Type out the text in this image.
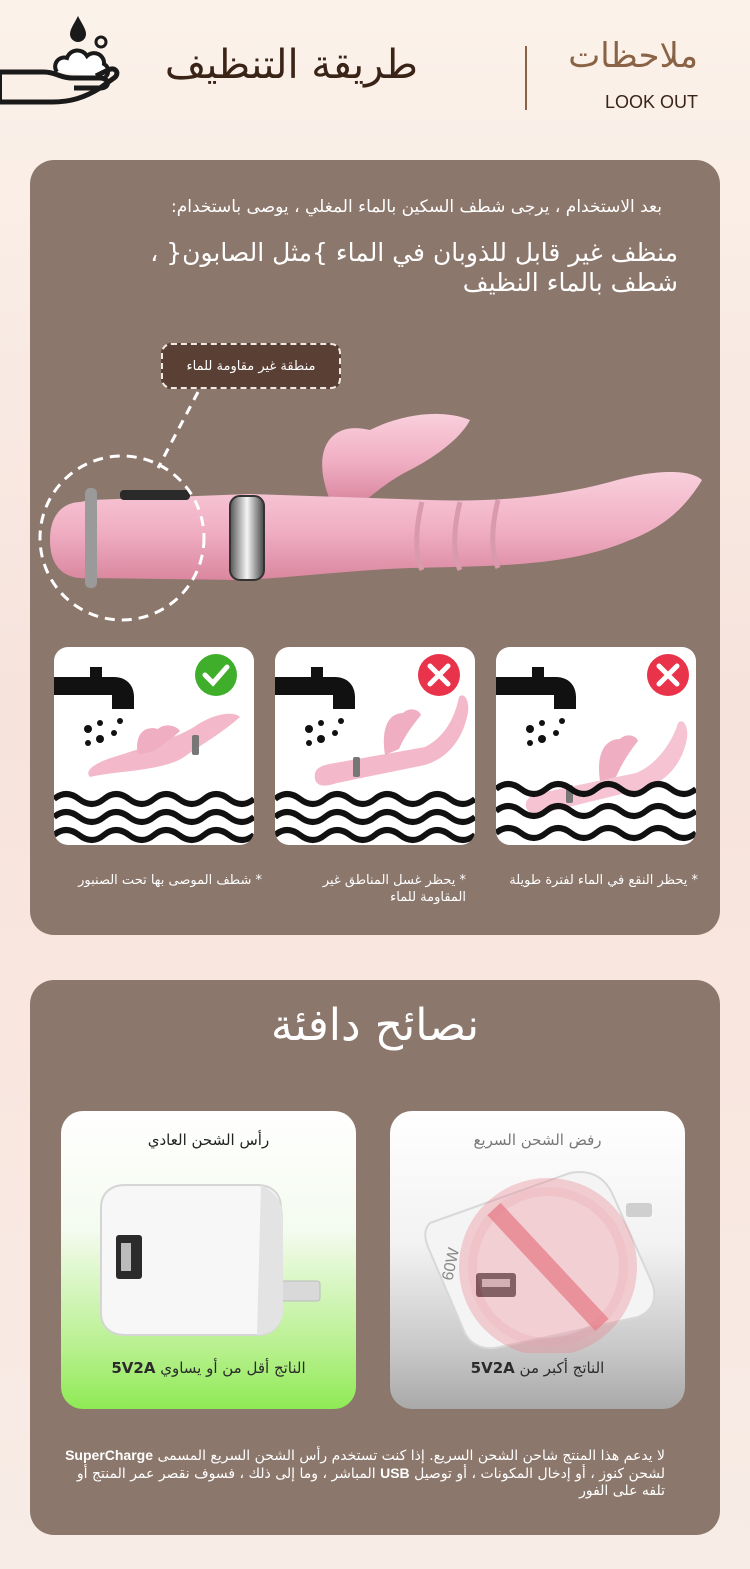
طريقة التنظيف	ملاحظات
LOOK OUT
بعد الاستخدام ، يرجى شطف السكين بالماء المغلي ، يوصى باستخدام:
منظف غير قابل للذوبان في الماء }مثل الصابون{ ،
شطف بالماء النظيف
منطقة غير مقاومة للماء
* شطف الموصى بها تحت الصنبور	* يحظر غسل المناطق غير المقاومة للماء
* يحظر النقع في الماء لفترة طويلة
نصائح دافئة
رأس الشحن العادي
الناتج أقل من أو يساوي 5V2A
رفض الشحن السريع
60W
الناتج أكبر من 5V2A
لا يدعم هذا المنتج شاحن الشحن السريع. إذا كنت تستخدم رأس الشحن السريع المسمى SuperCharge لشحن كنوز ، أو إدخال المكونات ، أو توصيل USB المباشر ، وما إلى ذلك ، فسوف نقصر عمر المنتج أو تلفه على الفور
